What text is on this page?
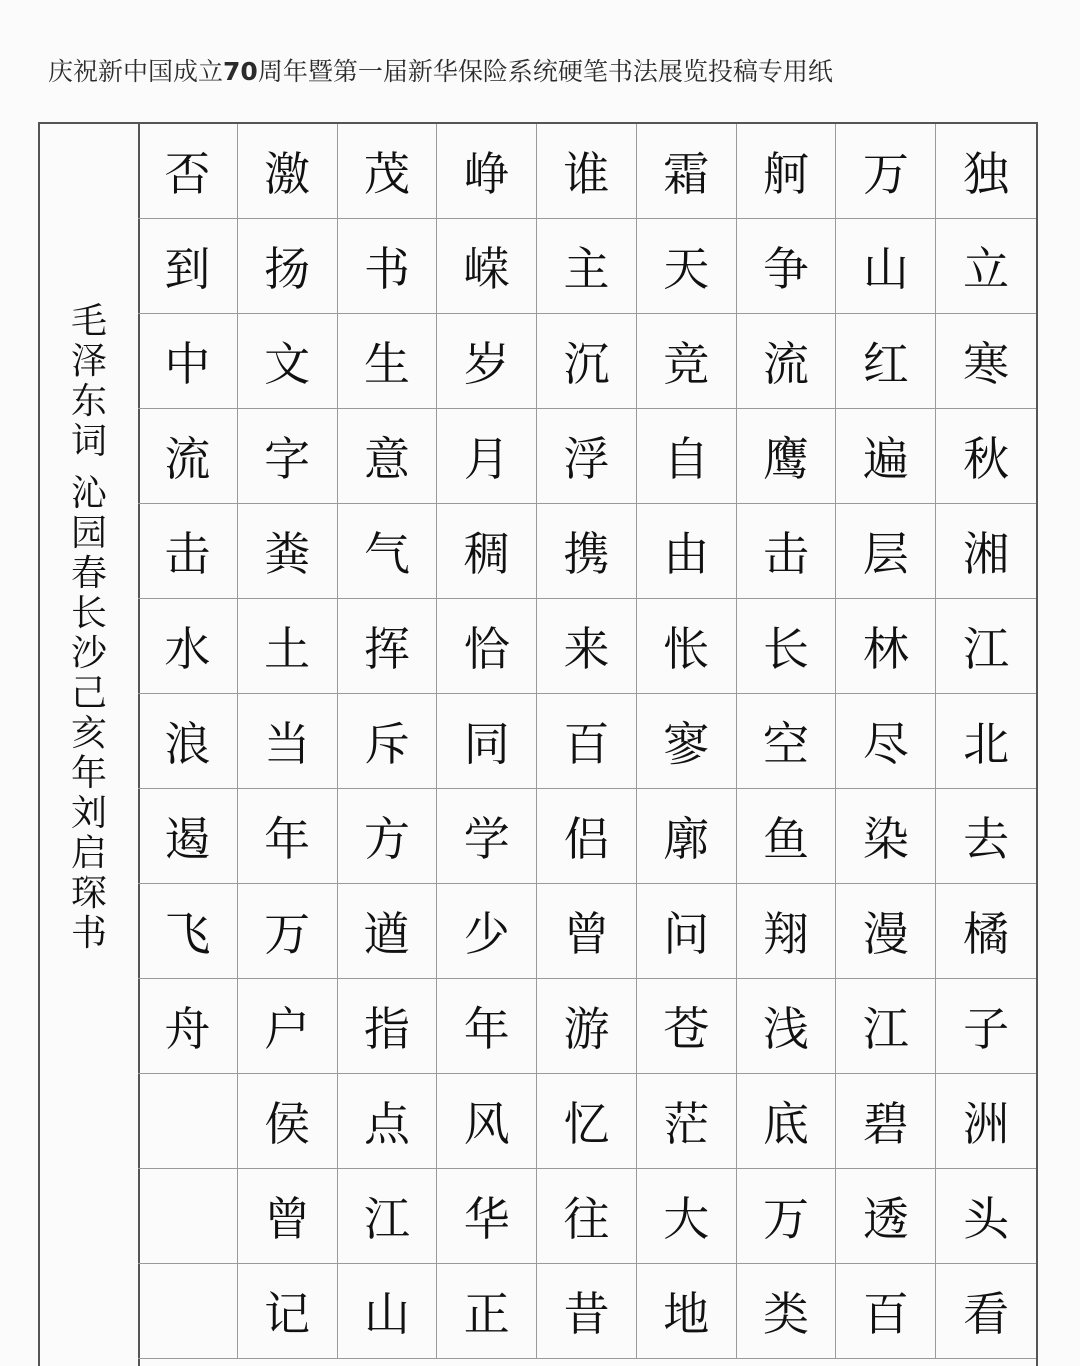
庆祝新中国成立70周年暨第一届新华保险系统硬笔书法展览投稿专用纸
毛
泽
东
词
沁
园
春
长
沙
己
亥
年
刘
启
琛
书
否
到
中
流
击
水
浪
遏
飞
舟
激
扬
文
字
粪
土
当
年
万
户
侯
曾
记
茂
书
生
意
气
挥
斥
方
遒
指
点
江
山
峥
嵘
岁
月
稠
恰
同
学
少
年
风
华
正
谁
主
沉
浮
携
来
百
侣
曾
游
忆
往
昔
霜
天
竞
自
由
怅
寥
廓
问
苍
茫
大
地
舸
争
流
鹰
击
长
空
鱼
翔
浅
底
万
类
万
山
红
遍
层
林
尽
染
漫
江
碧
透
百
独
立
寒
秋
湘
江
北
去
橘
子
洲
头
看
